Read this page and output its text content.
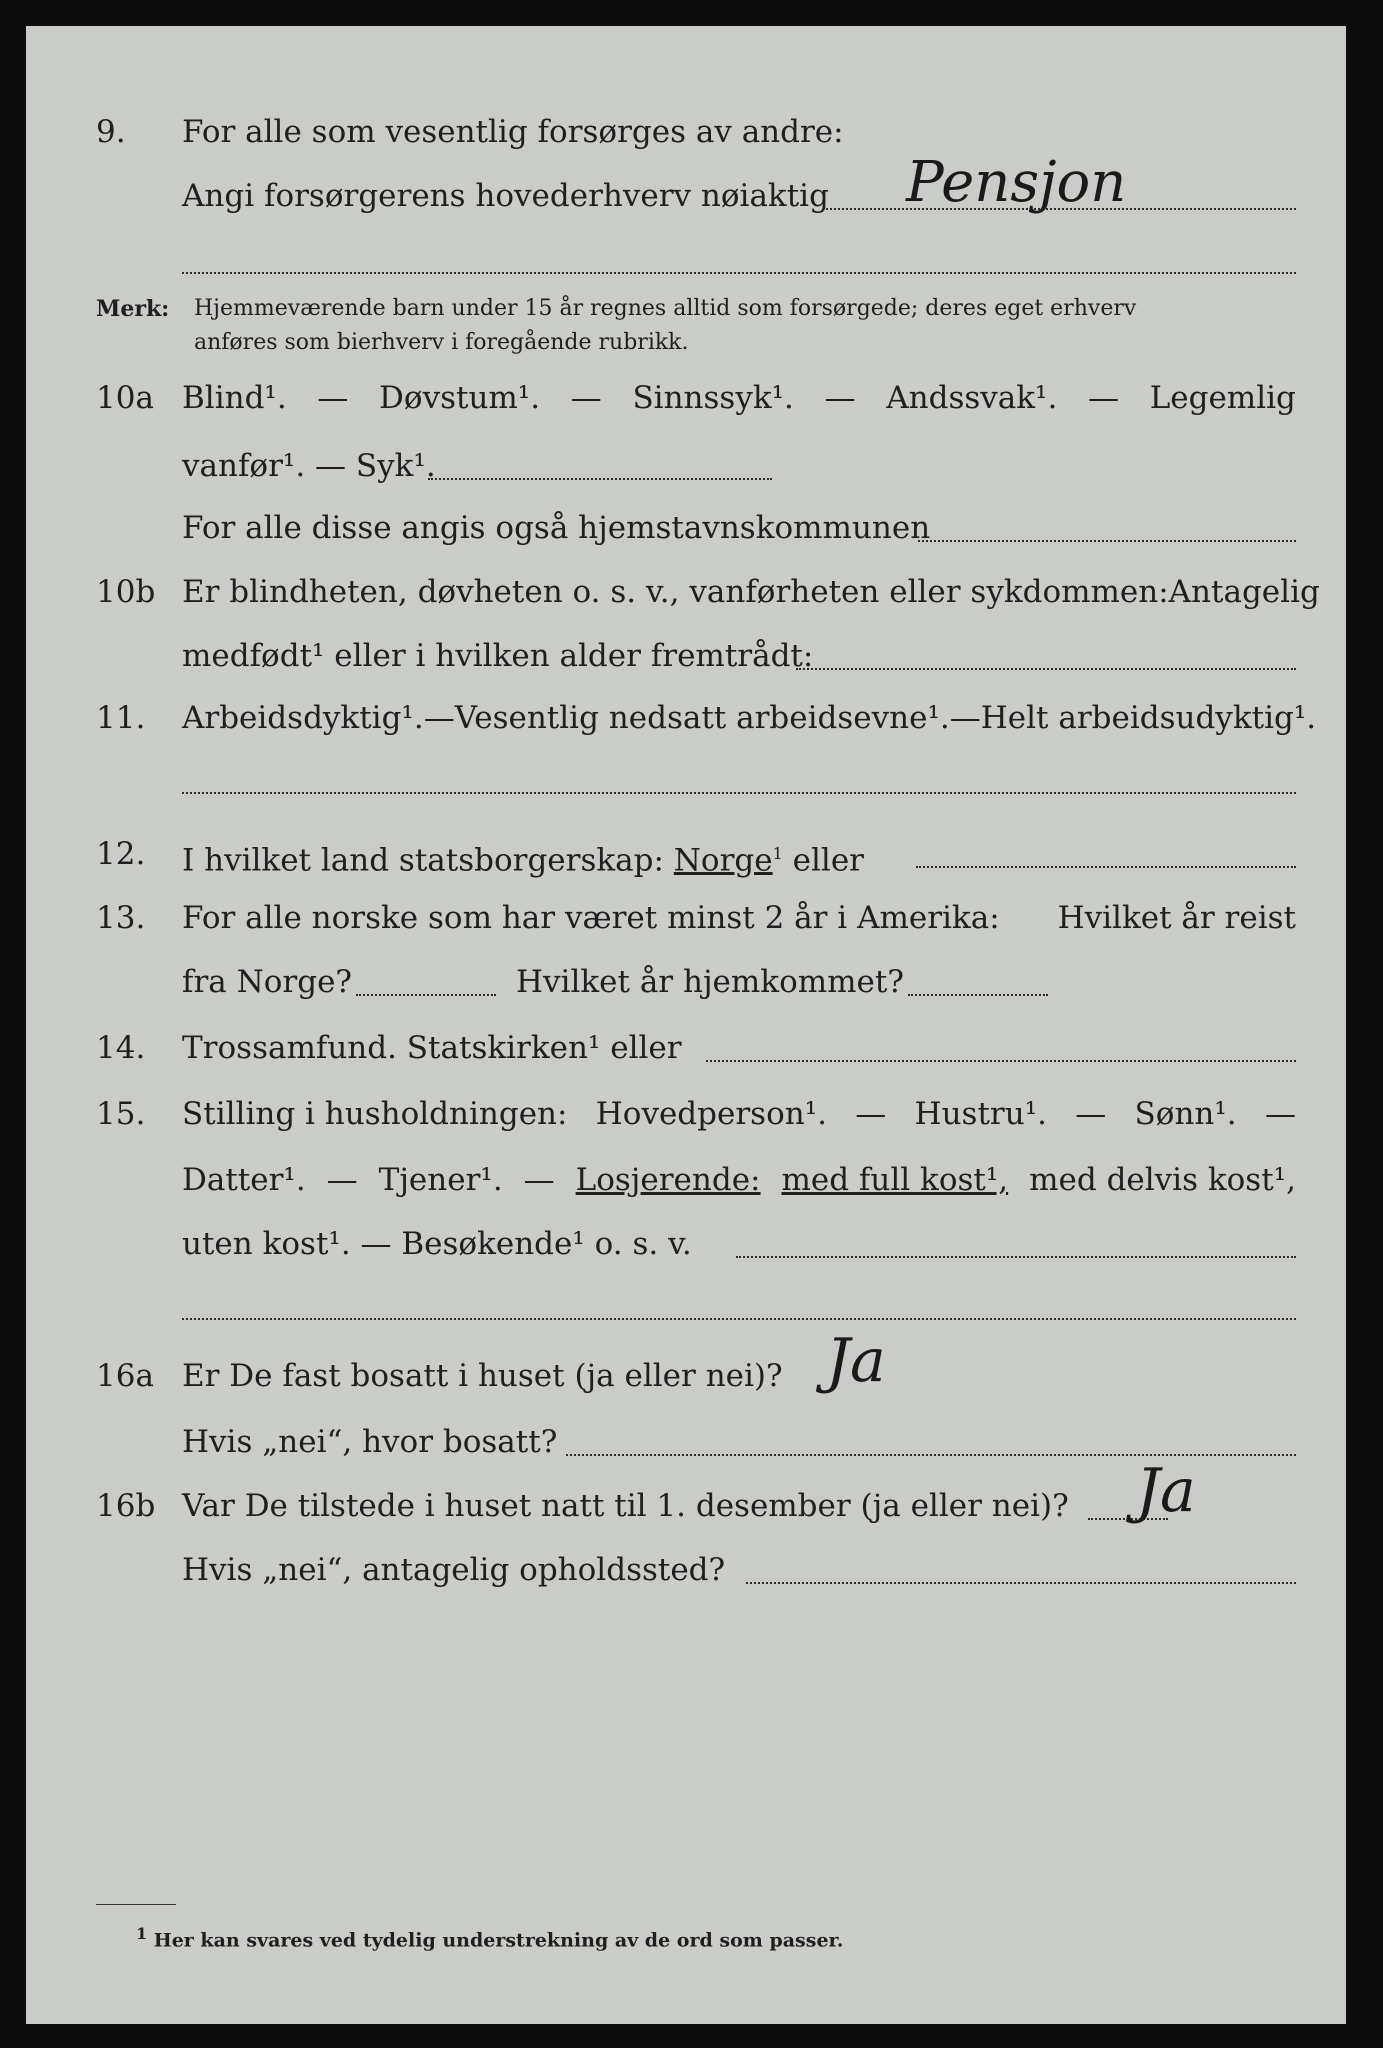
9. For alle som vesentlig forsørges av andre:
Angi forsørgerens hovederhverv nøiaktig Pensjon
Merk: Hjemmeværende barn under 15 år regnes alltid som forsørgede; deres eget erhverv
anføres som bierhverv i foregående rubrikk.
10a Blind¹. — Døvstum¹. — Sinnssyk¹. — Andssvak¹. — Legemlig
vanfør¹. — Syk¹.
For alle disse angis også hjemstavnskommunen
10b Er blindheten, døvheten o. s. v., vanførheten eller sykdommen: Antagelig
medfødt¹ eller i hvilken alder fremtrådt:
11. Arbeidsdyktig¹. — Vesentlig nedsatt arbeidsevne¹. — Helt arbeidsudyktig¹.
12. I hvilket land statsborgerskap: Norge$^1$ eller
13. For alle norske som har været minst 2 år i Amerika: Hvilket år reist
fra Norge?	Hvilket år hjemkommet?
14. Trossamfund. Statskirken¹ eller
15. Stilling i husholdningen: Hovedperson¹. — Hustru¹. — Sønn¹. —
Datter¹. — Tjener¹. — Losjerende: med full kost¹, med delvis kost¹,
uten kost¹. — Besøkende¹ o. s. v.
16a Er De fast bosatt i huset (ja eller nei)? Ja
Hvis „nei“, hvor bosatt?
16b Var De tilstede i huset natt til 1. desember (ja eller nei)? Ja
Hvis „nei“, antagelig opholdssted?
$^1$ Her kan svares ved tydelig understrekning av de ord som passer.
